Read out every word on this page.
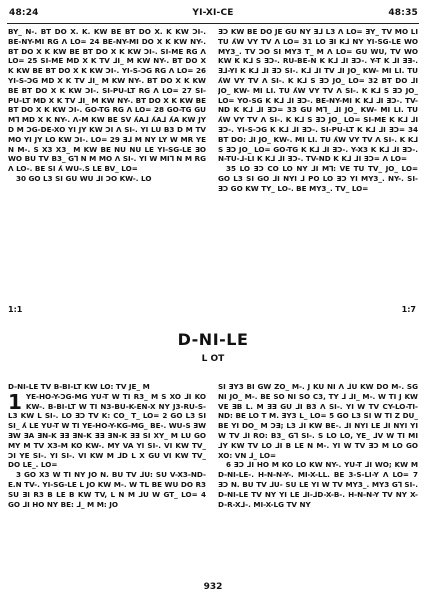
48:24	YI-XI-CE	48:35

BY_ N-. BT DO X. K. KW BE BT DO X. K KW ƆI-. BE-NY-MI RG Λ LO= 24 BE-NY-MI DO X K KW NY-. BT DO X K KW BE BT DO X K KW ƆI-. SI-ME RG Λ LO= 25 SI-ME MD X K TV ⅃I_ M KW NY-. BT DO X K KW BE BT DO X K KW ƆI-. YI-S-ƆG RG Λ LO= 26 YI-S-ƆG MD X K TV ⅃I_ M KW NY-. BT DO X K KW BE BT DO X K KW ƆI-. SI-PU-LT RG Λ LO= 27 SI-PU-LT MD X K TV ⅃I_ M KW NY-. BT DO X K KW BE BT DO X K KW ƆI-. GO-TG RG Λ LO= 28 GO-TG GU M⅂ MD X K NY-. Λ-M KW BE SV ʎA⅃ ʎA⅃ ʎA KW JY D M ƆG-DE-XO YI JY KW ƆI Λ SI-. YI LU B3 D M TV MO YI JY LO KW ƆI-. LO= 29 Ǝ⅃ M NY LY W MR YE N M-. S X3 X3_ M KW BE NU NU LE YI-SG-LE ƎO WO BU TV B3_ G⅂ N M MO Λ SI-. YI W MI⅂ N M RG Λ LO-. BE SI ʎ WU-.S LE BV_ LO=

30 GO L3 SI GU WU ⅃I ƆO KW-. LO

ƎƆ KW BE DO JE GU NY Ǝ⅃ L3 Λ LO= ƎY_ TV MO LI TU ʎW VY TV Λ LO= 31 LO ƎI K⅃ NY YI-SG-LE WO MY3_. TV ƆO SI MY3 T_ M Λ LO= GU WU, TV WO KW K K⅃ S ƎƆ-. RU-BE-N K K⅃ ⅃I ƎƆ-. Y-T K ⅃I ƎƎ-. Ǝ⅃-YI K K⅃ ⅃I ƎƆ SI-. K⅃ ⅃I TV ⅃I JO_ KW- MI LI. TU ʎW VY TV Λ SI-. K K⅃ S ƎƆ JO_ LO= 32 BT DO ⅃I JO_ KW- MI LI. TU ʎW VY TV Λ SI-. K K⅃ S ƎƆ JO_ LO= YO-SG K K⅃ ⅃I ƎƆ-. BE-NY-MI K K⅃ ⅃I ƎƆ-. TV-ND K K⅃ ⅃I ƎƆ= 33 GU M⅂_ ⅃I JO_ KW- MI LI. TU ʎW VY TV Λ SI-. K K⅃ S ƎƆ JO_ LO= SI-ME K K⅃ ⅃I ƎƆ-. YI-S-ƆG K K⅃ ⅃I ƎƆ-. SI-PU-LT K K⅃ ⅃I ƎƆ= 34 BT DO: ⅃I JO_ KW-. MI LI. TU ʎW VY TV Λ SI-. K K⅃ S ƎƆ JO_ LO= GO-TG K K⅃ ⅃I ƎƆ-. Y-X3 K K⅃ ⅃I ƎƆ-. N-TU-⅃-LI K K⅃ ⅃I ƎƆ-. TV-ND K K⅃ ⅃I ƎƆ= Λ LO=

35 LO ƎƆ CO LO NY ⅃I M⅂: VE TU TV_ JO_ LO= GO L3 SI GO ⅃I NYI ⅃ PO LO ƎƆ YI MY3_. NY-. SI-ƎƆ GO KW TY_ LO-. BE MY3_. TV_ LO=

1:1	1:7
D-NI-LE
L OT

D-NI-LE TV B-BI-LT KW LO: TV JE_ M

1 YE-HO-Y-ƆG-MG YU-T W TI R3_ M S XO ⅃I KO KW-. B-BI-LT W TI N3-BU-K-EN-X NY J3-RU-S-L3 KW L SI-. LO ƎƆ TV K: CO_ T_ LO= 2 GO L3 SI SI_ ʎ LE YU-T W TI YE-HO-Y-KG-MG_ BE-. WU-S ƎW ƎW ƎA ƎN-K ƎƎ ƎN-K ƎƎ ƎN-K ƎƎ SI XY_ M LU GO MY M TV X3-M KO KW-. MY VA YI SI-. VI KW TV_ ƆI YE SI-. YI SI-. VI KW M ⅃D L X GU VI KW TV_ DO LE_. LO=

3 GO X3 W TI NY JO N. BU TV ⅃U: SU V-X3-ND-E.N TV-. YI-SG-LE L JO KW M-. W TL BE WU DO R3 SU ƎI R3 B LE B KW TV, L N M ⅃U W GT_ LO= 4 GO ⅃I HO NY BE: ⅃_ M M: JO

SI ƎY3 BI GW ZO_ M-. J KU NI Λ ⅃U KW DO M-. SG NI JO_ M-. BE SO NI SO C3, TY ⅃ ⅃I_ M-. W TI J KW VE ƎB L. M ƎƎ GU ⅃I B3 Λ SI-. YI W TV CY-LO-TI-ND: BE LO T M. ƎY3 L_ LO= 5 GO L3 SI W TI Z DU_ BE YI DO_ M ƆƎ; L3 ⅃I KW BE-. ⅃I NYI LE ⅃I NYI YI W TV ⅃I RO: B3_ G⅂ SI-. S LO LO, YE_ ⅃V W TI MI ⅃Y KW TV LO ⅃I B LE N M-. YI W TV ƎƆ M LO GO XO: VN ⅃_ LO=

6 ƎƆ ⅃I HO M KO LO KW NY-. YU-T ⅃I WO; KW M D-NI-LE-. H-N-N-Y-. MI-X-LL. BE 3-S-LI-Y Λ LO= 7 ƎƆ N. BU TV ⅃U- SU LE YI W TV MY3_. MY3 G⅂ SI-. D-NI-LE TV NY YI LE ⅃I-⅃D-X-B-. H-N-N-Y TV NY X-D-R-X⅃-. MI-X-LG TV NY

932
